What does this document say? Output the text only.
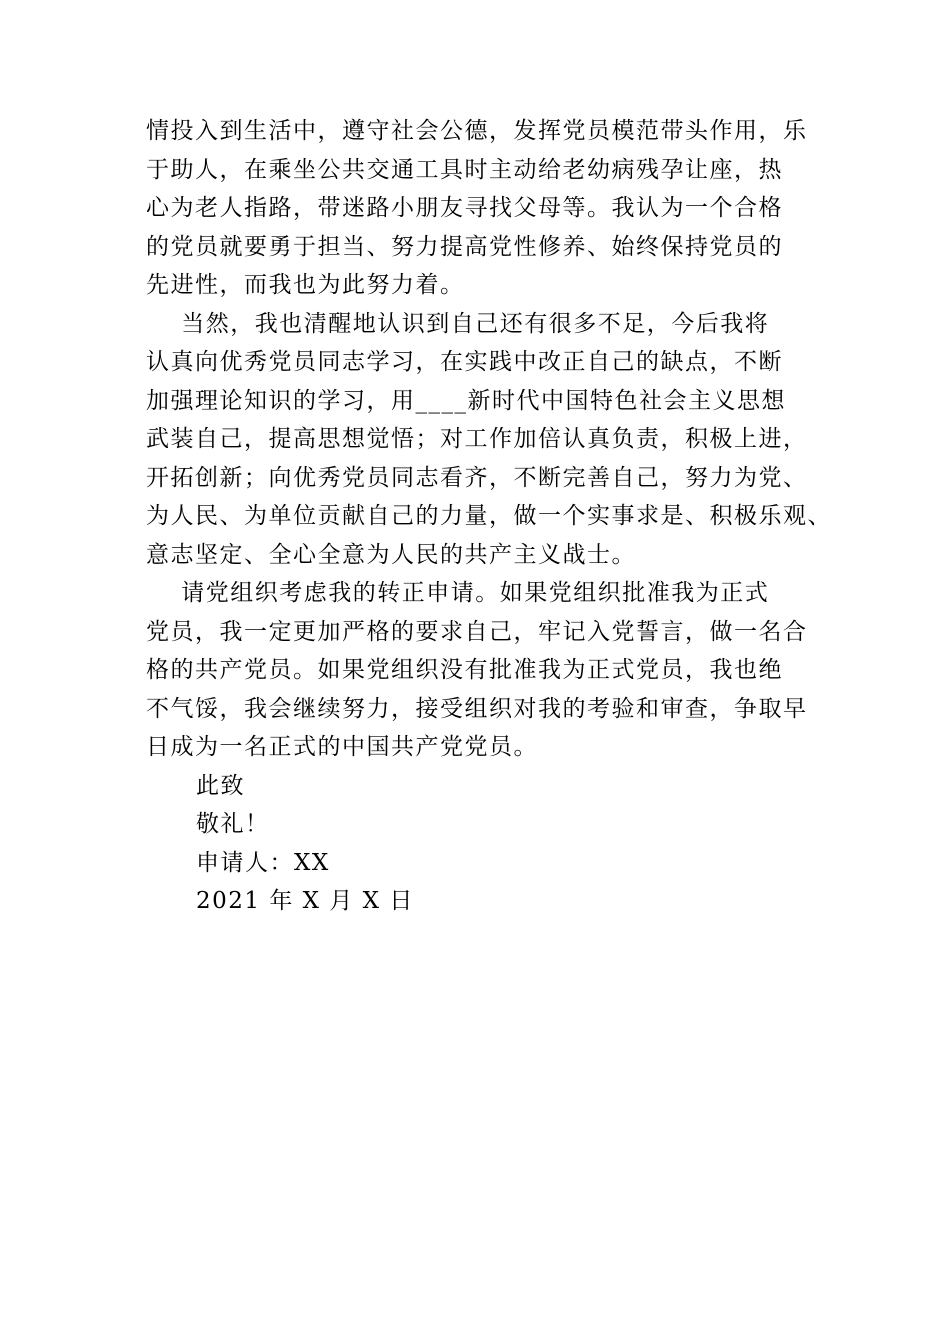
情投入到生活中，遵守社会公德，发挥党员模范带头作用，乐
于助人，在乘坐公共交通工具时主动给老幼病残孕让座，热
心为老人指路，带迷路小朋友寻找父母等。我认为一个合格
的党员就要勇于担当、努力提高党性修养、始终保持党员的
先进性，而我也为此努力着。
当然，我也清醒地认识到自己还有很多不足，今后我将
认真向优秀党员同志学习，在实践中改正自己的缺点，不断
加强理论知识的学习，用____新时代中国特色社会主义思想
武装自己，提高思想觉悟；对工作加倍认真负责，积极上进，
开拓创新；向优秀党员同志看齐，不断完善自己，努力为党、
为人民、为单位贡献自己的力量，做一个实事求是、积极乐观、
意志坚定、全心全意为人民的共产主义战士。
请党组织考虑我的转正申请。如果党组织批准我为正式
党员，我一定更加严格的要求自己，牢记入党誓言，做一名合
格的共产党员。如果党组织没有批准我为正式党员，我也绝
不气馁，我会继续努力，接受组织对我的考验和审查，争取早
日成为一名正式的中国共产党党员。
此致
敬礼！
申请人：XX
2021 年 X 月 X 日
